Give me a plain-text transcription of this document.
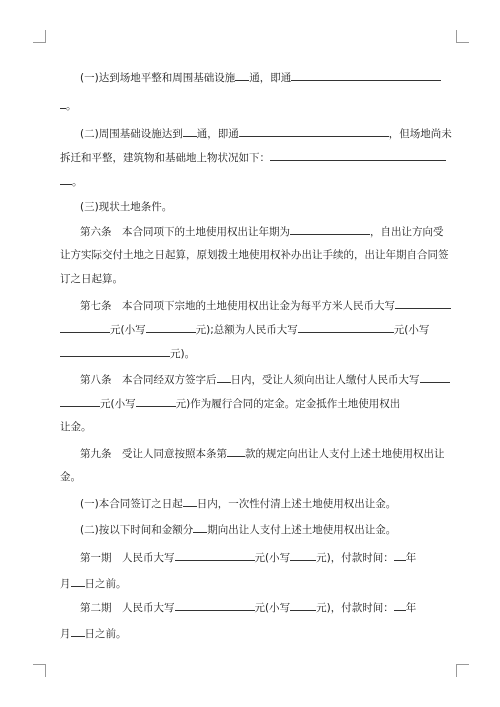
(一)达到场地平整和周围基础设施 通，即通
。
(二)周围基础设施达到 通，即通	，但场地尚未
拆迁和平整，建筑物和基础地上物状况如下：
。
(三)现状土地条件。
第六条　本合同项下的土地使用权出让年期为	，自出让方向受
让方实际交付土地之日起算，原划拨土地使用权补办出让手续的，出让年期自合同签
订之日起算。
第七条　本合同项下宗地的土地使用权出让金为每平方米人民币大写
元(小写	元);总额为人民币大写	元(小写
元)。
第八条　本合同经双方签字后 日内，受让人须向出让人缴付人民币大写
元(小写	元)作为履行合同的定金。定金抵作土地使用权出
让金。
第九条　受让人同意按照本条第 款的规定向出让人支付上述土地使用权出让
金。
(一)本合同签订之日起 日内，一次性付清上述土地使用权出让金。
(二)按以下时间和金额分 期向出让人支付上述土地使用权出让金。
第一期　人民币大写	元(小写 元)，付款时间： 年
月 日之前。
第二期　人民币大写	元(小写 元)，付款时间： 年
月 日之前。
